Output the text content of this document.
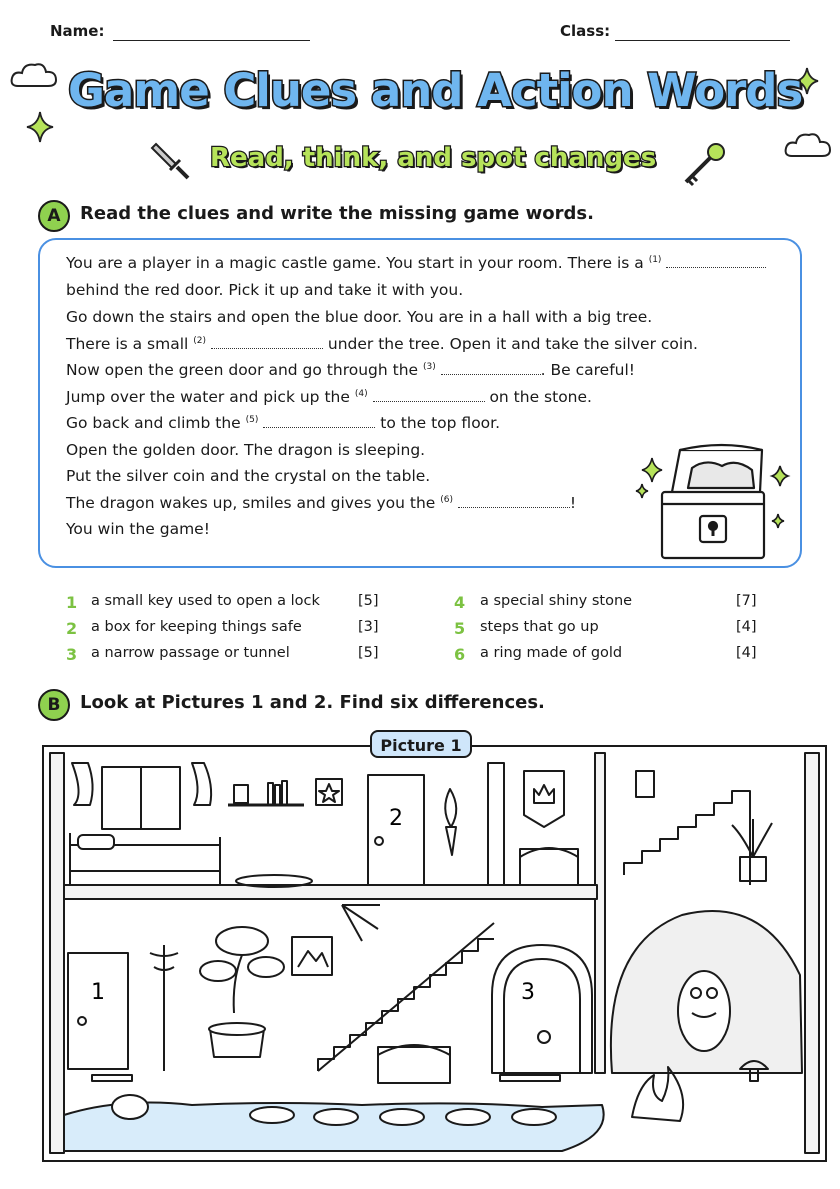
Name:	Class:
Game Clues and Action Words
Read, think, and spot changes
A	Read the clues and write the missing game words.
You are a player in a magic castle game. You start in your room. There is a $^{(1)}$
behind the red door. Pick it up and take it with you.
Go down the stairs and open the blue door. You are in a hall with a big tree.
There is a small $^{(2)}$	under the tree. Open it and take the silver coin.
Now open the green door and go through the $^{(3)}$	. Be careful!
Jump over the water and pick up the $^{(4)}$	on the stone.
Go back and climb the $^{(5)}$	to the top floor.
Open the golden door. The dragon is sleeping.
Put the silver coin and the crystal on the table.
The dragon wakes up, smiles and gives you the $^{(6)}$	!
You win the game!
1 a small key used to open a lock	[5]
2 a box for keeping things safe	[3]
3 a narrow passage or tunnel	[5]
4 a special shiny stone	[7]
5 steps that go up	[4]
6 a ring made of gold	[4]
B	Look at Pictures 1 and 2. Find six differences.
2
1	3
Picture 1
